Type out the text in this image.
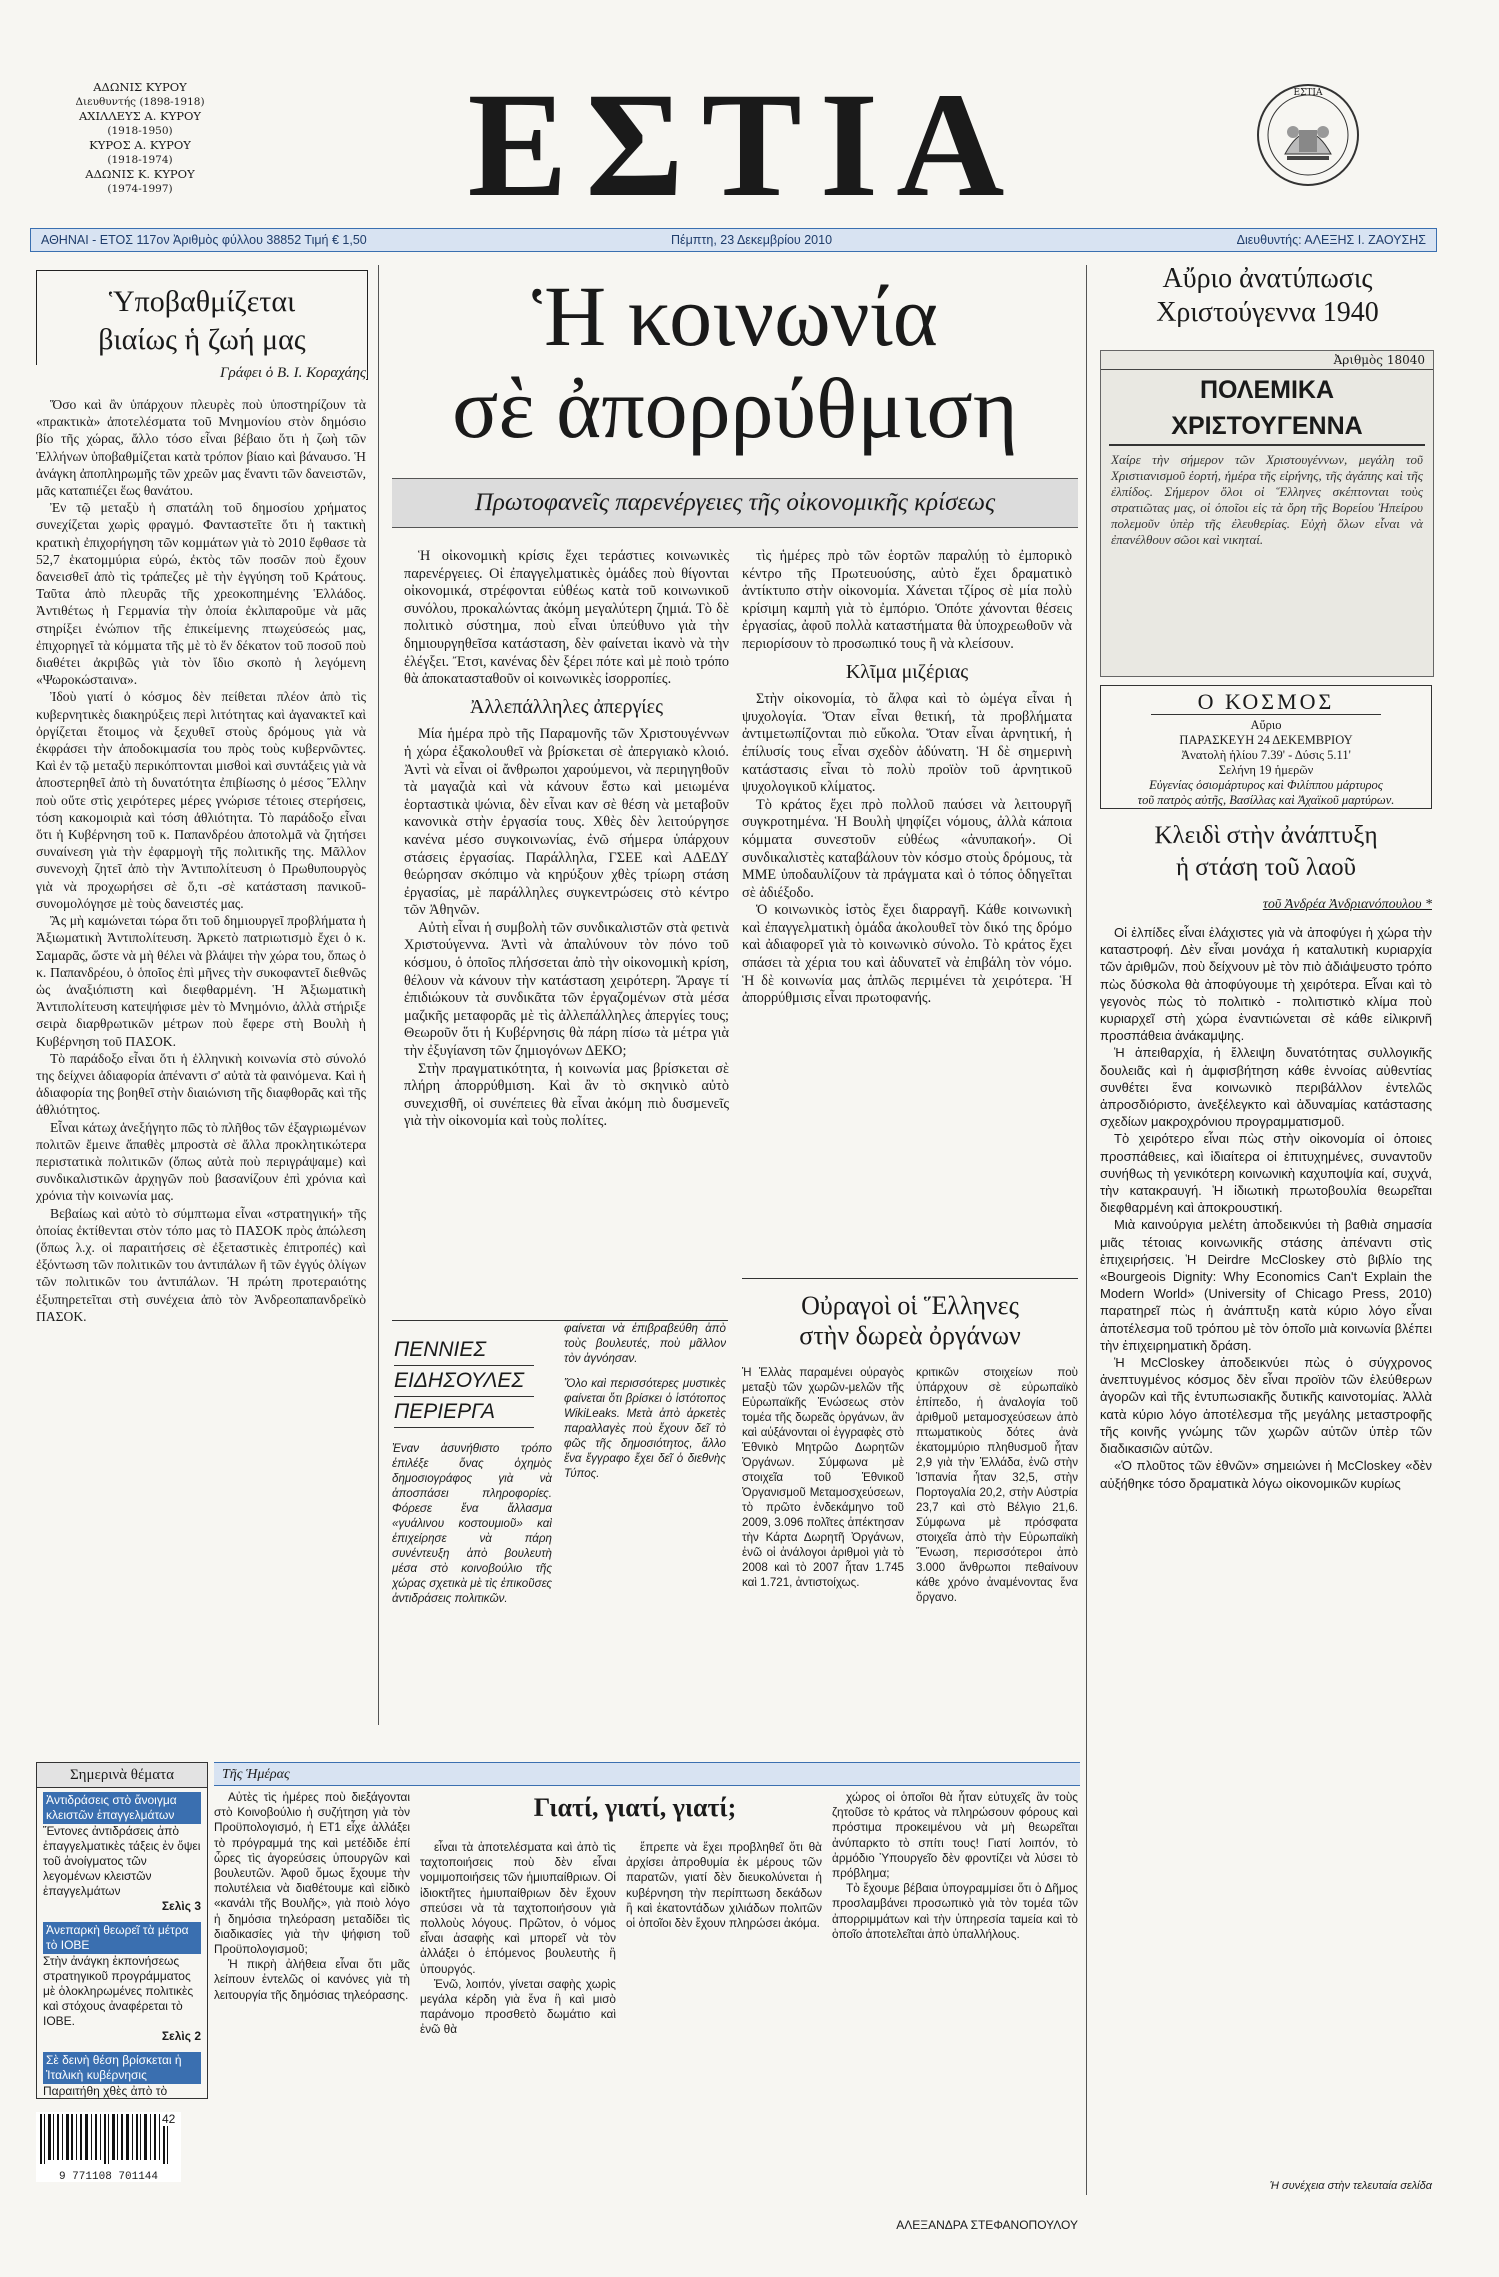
ΑΔΩΝΙΣ ΚΥΡΟΥ
Διευθυντής (1898-1918)
ΑΧΙΛΛΕΥΣ Α. ΚΥΡΟΥ
(1918-1950)
ΚΥΡΟΣ Α. ΚΥΡΟΥ
(1918-1974)
ΑΔΩΝΙΣ Κ. ΚΥΡΟΥ
(1974-1997)	ΕΣΤΙΑ	ΕΣΤΙΑ
ΑΘΗΝΑΙ - ΕΤΟΣ 117ον Ἀριθμὸς φύλλου 38852 Τιμή € 1,50	Πέμπτη, 23 Δεκεμβρίου 2010	Διευθυντής: ΑΛΕΞΗΣ Ι. ΖΑΟΥΣΗΣ
Ὑποβαθμίζεται
βιαίως ἡ ζωή μας
Γράφει ὁ Β. Ι. Κοραχάης

Ὅσο καὶ ἂν ὑπάρχουν πλευρὲς ποὺ ὑποστηρίζουν τὰ «πρακτικὰ» ἀποτελέσματα τοῦ Μνημονίου στὸν δημόσιο βίο τῆς χώρας, ἄλλο τόσο εἶναι βέβαιο ὅτι ἡ ζωὴ τῶν Ἑλλήνων ὑποβαθμίζεται κατὰ τρόπον βίαιο καὶ βάναυσο. Ἡ ἀνάγκη ἀποπληρωμῆς τῶν χρεῶν μας ἔναντι τῶν δανειστῶν, μᾶς καταπιέζει ἕως θανάτου.

Ἐν τῷ μεταξὺ ἡ σπατάλη τοῦ δημοσίου χρήματος συνεχίζεται χωρὶς φραγμό. Φανταστεῖτε ὅτι ἡ τακτικὴ κρατικὴ ἐπιχορήγηση τῶν κομμάτων γιὰ τὸ 2010 ἔφθασε τὰ 52,7 ἑκατομμύρια εὐρώ, ἐκτὸς τῶν ποσῶν ποὺ ἔχουν δανεισθεῖ ἀπὸ τὶς τράπεζες μὲ τὴν ἐγγύηση τοῦ Κράτους. Ταῦτα ἀπὸ πλευρᾶς τῆς χρεοκοπημένης Ἑλλάδος. Ἀντιθέτως ἡ Γερμανία τὴν ὁποία ἐκλιπαροῦμε νὰ μᾶς στηρίξει ἐνώπιον τῆς ἐπικείμενης πτωχεύσεώς μας, ἐπιχορηγεῖ τὰ κόμματα τῆς μὲ τὸ ἕν δέκατον τοῦ ποσοῦ ποὺ διαθέτει ἀκριβῶς γιὰ τὸν ἴδιο σκοπὸ ἡ λεγόμενη «Ψωροκώσταινα».

Ἰδοὺ γιατί ὁ κόσμος δὲν πείθεται πλέον ἀπὸ τὶς κυβερνητικὲς διακηρύξεις περὶ λιτότητας καὶ ἀγανακτεῖ καὶ ὀργίζεται ἕτοιμος νὰ ξεχυθεῖ στοὺς δρόμους γιὰ νὰ ἐκφράσει τὴν ἀποδοκιμασία του πρὸς τοὺς κυβερνῶντες. Καὶ ἐν τῷ μεταξὺ περικόπτονται μισθοὶ καὶ συντάξεις γιὰ νὰ ἀποστερηθεῖ ἀπὸ τὴ δυνατότητα ἐπιβίωσης ὁ μέσος Ἕλλην ποὺ οὔτε στὶς χειρότερες μέρες γνώρισε τέτοιες στερήσεις, τόση κακομοιριὰ καὶ τόση ἀθλιότητα. Τὸ παράδοξο εἶναι ὅτι ἡ Κυβέρνηση τοῦ κ. Παπανδρέου ἀποτολμᾶ νὰ ζητήσει συναίνεση γιὰ τὴν ἐφαρμογὴ τῆς πολιτικῆς της. Μᾶλλον συνενοχὴ ζητεῖ ἀπὸ τὴν Ἀντιπολίτευση ὁ Πρωθυπουργὸς γιὰ νὰ προχωρήσει σὲ ὅ,τι -σὲ κατάσταση πανικοῦ- συνομολόγησε μὲ τοὺς δανειστές μας.

Ἂς μὴ καμώνεται τώρα ὅτι τοῦ δημιουργεῖ προβλήματα ἡ Ἀξιωματικὴ Ἀντιπολίτευση. Ἀρκετὸ πατριωτισμὸ ἔχει ὁ κ. Σαμαρᾶς, ὥστε νὰ μὴ θέλει νὰ βλάψει τὴν χώρα του, ὅπως ὁ κ. Παπανδρέου, ὁ ὁποῖος ἐπὶ μῆνες τὴν συκοφαντεῖ διεθνῶς ὡς ἀναξιόπιστη καὶ διεφθαρμένη. Ἡ Ἀξιωματικὴ Ἀντιπολίτευση κατεψήφισε μὲν τὸ Μνημόνιο, ἀλλὰ στήριξε σειρὰ διαρθρωτικῶν μέτρων ποὺ ἔφερε στὴ Βουλὴ ἡ Κυβέρνηση τοῦ ΠΑΣΟΚ.

Τὸ παράδοξο εἶναι ὅτι ἡ ἑλληνικὴ κοινωνία στὸ σύνολό της δείχνει ἀδιαφορία ἀπέναντι σ' αὐτὰ τὰ φαινόμενα. Καὶ ἡ ἀδιαφορία της βοηθεῖ στὴν διαιώνιση τῆς διαφθορᾶς καὶ τῆς ἀθλιότητος.

Εἶναι κάτωχ ἀνεξήγητο πῶς τὸ πλῆθος τῶν ἐξαγριωμένων πολιτῶν ἔμεινε ἄπαθὲς μπροστὰ σὲ ἄλλα προκλητικώτερα περιστατικὰ πολιτικῶν (ὅπως αὐτὰ ποὺ περιγράψαμε) καὶ συνδικαλιστικῶν ἀρχηγῶν ποὺ βασανίζουν ἐπὶ χρόνια καὶ χρόνια τὴν κοινωνία μας.

Βεβαίως καὶ αὐτὸ τὸ σύμπτωμα εἶναι «στρατηγική» τῆς ὁποίας ἐκτίθενται στὸν τόπο μας τὸ ΠΑΣΟΚ πρὸς ἀπώλεση (ὅπως λ.χ. οἱ παραιτήσεις σὲ ἐξεταστικὲς ἐπιτροπές) καὶ ἐξόντωση τῶν πολιτικῶν του ἀντιπάλων ἢ τῶν ἐγγύς ὀλίγων τῶν πολιτικῶν του ἀντιπάλων. Ἡ πρώτη προτεραιότης ἐξυπηρετεῖται στὴ συνέχεια ἀπὸ τὸν Ἀνδρεοπαπανδρεϊκὸ ΠΑΣΟΚ.

Ἡ κοινωνία
σὲ ἀπορρύθμιση
Πρωτοφανεῖς παρενέργειες τῆς οἰκονομικῆς κρίσεως

Ἡ οἰκονομικὴ κρίσις ἔχει τεράστιες κοινωνικὲς παρενέργειες. Οἱ ἐπαγγελματικὲς ὁμάδες ποὺ θίγονται οἰκονομικά, στρέφονται εὐθέως κατὰ τοῦ κοινωνικοῦ συνόλου, προκαλώντας ἀκόμη μεγαλύτερη ζημιά. Τὸ δὲ πολιτικὸ σύστημα, ποὺ εἶναι ὑπεύθυνο γιὰ τὴν δημιουργηθεῖσα κατάσταση, δὲν φαίνεται ἱκανὸ νὰ τὴν ἐλέγξει. Ἔτσι, κανένας δὲν ξέρει πότε καὶ μὲ ποιὸ τρόπο θὰ ἀποκατασταθοῦν οἱ κοινωνικὲς ἰσορροπίες.

Ἀλλεπάλληλες ἀπεργίες

Μία ἡμέρα πρὸ τῆς Παραμονῆς τῶν Χριστουγέννων ἡ χώρα ἐξακολουθεῖ νὰ βρίσκεται σὲ ἀπεργιακὸ κλοιό. Ἀντὶ νὰ εἶναι οἱ ἄνθρωποι χαρούμενοι, νὰ περιηγηθοῦν τὰ μαγαζιὰ καὶ νὰ κάνουν ἔστω καὶ μειωμένα ἑορταστικὰ ψώνια, δὲν εἶναι καν σὲ θέση νὰ μεταβοῦν κανονικὰ στὴν ἐργασία τους. Χθὲς δὲν λειτούργησε κανένα μέσο συγκοινωνίας, ἐνῶ σήμερα ὑπάρχουν στάσεις ἐργασίας. Παράλληλα, ΓΣΕΕ καὶ ΑΔΕΔΥ θεώρησαν σκόπιμο νὰ κηρύξουν χθὲς τρίωρη στάση ἐργασίας, μὲ παράλληλες συγκεντρώσεις στὸ κέντρο τῶν Ἀθηνῶν.

Αὐτὴ εἶναι ἡ συμβολὴ τῶν συνδικαλιστῶν στὰ φετινὰ Χριστούγεννα. Ἀντὶ νὰ ἀπαλύνουν τὸν πόνο τοῦ κόσμου, ὁ ὁποῖος πλήσσεται ἀπὸ τὴν οἰκονομικὴ κρίση, θέλουν νὰ κάνουν τὴν κατάσταση χειρότερη. Ἄραγε τί ἐπιδιώκουν τὰ συνδικᾶτα τῶν ἐργαζομένων στὰ μέσα μαζικῆς μεταφορᾶς μὲ τὶς ἀλλεπάλληλες ἀπεργίες τους; Θεωροῦν ὅτι ἡ Κυβέρνησις θὰ πάρη πίσω τὰ μέτρα γιὰ τὴν ἐξυγίανση τῶν ζημιογόνων ΔΕΚΟ;

Στὴν πραγματικότητα, ἡ κοινωνία μας βρίσκεται σὲ πλήρη ἀπορρύθμιση. Καὶ ἂν τὸ σκηνικὸ αὐτὸ συνεχισθῆ, οἱ συνέπειες θὰ εἶναι ἀκόμη πιὸ δυσμενεῖς γιὰ τὴν οἰκονομία καὶ τοὺς πολίτες.

τὶς ἡμέρες πρὸ τῶν ἑορτῶν παραλύῃ τὸ ἐμπορικὸ κέντρο τῆς Πρωτευούσης, αὐτὸ ἔχει δραματικὸ ἀντίκτυπο στὴν οἰκονομία. Χάνεται τζίρος σὲ μία πολὺ κρίσιμη καμπὴ γιὰ τὸ ἐμπόριο. Ὁπότε χάνονται θέσεις ἐργασίας, ἀφοῦ πολλὰ καταστήματα θὰ ὑποχρεωθοῦν νὰ περιορίσουν τὸ προσωπικό τους ἢ νὰ κλείσουν.

Κλῖμα μιζέριας

Στὴν οἰκονομία, τὸ ἄλφα καὶ τὸ ὠμέγα εἶναι ἡ ψυχολογία. Ὅταν εἶναι θετική, τὰ προβλήματα ἀντιμετωπίζονται πιὸ εὔκολα. Ὅταν εἶναι ἀρνητική, ἡ ἐπίλυσίς τους εἶναι σχεδὸν ἀδύνατη. Ἡ δὲ σημερινὴ κατάστασις εἶναι τὸ πολὺ προϊὸν τοῦ ἀρνητικοῦ ψυχολογικοῦ κλίματος.

Τὸ κράτος ἔχει πρὸ πολλοῦ παύσει νὰ λειτουργῆ συγκροτημένα. Ἡ Βουλὴ ψηφίζει νόμους, ἀλλὰ κάποια κόμματα συνεστοῦν εὐθέως «ἀνυπακοή». Οἱ συνδικαλιστὲς καταβάλουν τὸν κόσμο στοὺς δρόμους, τὰ ΜΜΕ ὑποδαυλίζουν τὰ πράγματα καὶ ὁ τόπος ὁδηγεῖται σὲ ἀδιέξοδο.

Ὁ κοινωνικὸς ἱστὸς ἔχει διαρραγῆ. Κάθε κοινωνικὴ καὶ ἐπαγγελματικὴ ὁμάδα ἀκολουθεῖ τὸν δικό της δρόμο καὶ ἀδιαφορεῖ γιὰ τὸ κοινωνικὸ σύνολο. Τὸ κράτος ἔχει σπάσει τὰ χέρια του καὶ ἀδυνατεῖ νὰ ἐπιβάλη τὸν νόμο. Ἡ δὲ κοινωνία μας ἁπλῶς περιμένει τὰ χειρότερα. Ἡ ἀπορρύθμισις εἶναι πρωτοφανής.

ΠΕΝΝΙΕΣ
ΕΙΔΗΣΟΥΛΕΣ
ΠΕΡΙΕΡΓΑ
Ἐναν ἀσυνήθιστο τρόπο ἐπιλέξε ὅνας ὁχημὸς δημοσιογράφος γιὰ νὰ ἀποσπάσει πληροφορίες. Φόρεσε ἕνα ἄλλασμα «γυάλινου κοστουμιοῦ» καὶ ἐπιχείρησε νὰ πάρη συνέντευξη ἀπὸ βουλευτὴ μέσα στὸ κοινοβούλιο τῆς χώρας σχετικὰ μὲ τὶς ἐπικοῦσες ἀντιδράσεις πολιτικῶν.
φαίνεται νὰ ἐπιβραβεύθη ἀπὸ τοὺς βουλευτές, ποὺ μᾶλλον τὸν ἀγνόησαν.
Ὅλο καὶ περισσότερες μυστικὲς φαίνεται ὅτι βρίσκει ὁ ἱστότοπος WikiLeaks. Μετὰ ἀπὸ ἀρκετὲς παραλλαγὲς ποὺ ἔχουν δεῖ τὸ φῶς τῆς δημοσιότητος, ἄλλο ἔνα ἔγγραφο ἔχει δεῖ ὁ διεθνὴς Τύπος.
Οὐραγοὶ οἱ Ἕλληνες
στὴν δωρεὰ ὀργάνων
Ἡ Ἑλλὰς παραμένει οὐραγὸς μεταξὺ τῶν χωρῶν-μελῶν τῆς Εὐρωπαϊκῆς Ἑνώσεως στὸν τομέα τῆς δωρεᾶς ὀργάνων, ἂν καὶ αὐξάνονται οἱ ἐγγραφὲς στὸ Ἐθνικὸ Μητρῶο Δωρητῶν Ὀργάνων. Σύμφωνα μὲ στοιχεῖα τοῦ Ἐθνικοῦ Ὀργανισμοῦ Μεταμοσχεύσεων, τὸ πρῶτο ἑνδεκάμηνο τοῦ 2009, 3.096 πολῖτες ἀπέκτησαν τὴν Κάρτα Δωρητῆ Ὀργάνων, ἐνῶ οἱ ἀνάλογοι ἀριθμοὶ γιὰ τὸ 2008 καὶ τὸ 2007 ἦταν 1.745 καὶ 1.721, ἀντιστοίχως.
κριτικῶν στοιχείων ποὺ ὑπάρχουν σὲ εὐρωπαϊκὸ ἐπίπεδο, ἡ ἀναλογία τοῦ ἀριθμοῦ μεταμοσχεύσεων ἀπὸ πτωματικοὺς δότες ἀνὰ ἑκατομμύριο πληθυσμοῦ ἦταν 2,9 γιὰ τὴν Ἑλλάδα, ἐνῶ στὴν Ἱσπανία ἦταν 32,5, στὴν Πορτογαλία 20,2, στὴν Αὐστρία 23,7 καὶ στὸ Βέλγιο 21,6. Σύμφωνα μὲ πρόσφατα στοιχεῖα ἀπὸ τὴν Εὐρωπαϊκὴ Ἕνωση, περισσότεροι ἀπὸ 3.000 ἄνθρωποι πεθαίνουν κάθε χρόνο ἀναμένοντας ἕνα ὄργανο.
Αὔριο ἀνατύπωσις
Χριστούγεννα 1940
Ἀριθμὸς 18040
ΠΟΛΕΜΙΚΑ ΧΡΙΣΤΟΥΓΕΝΝΑ
Χαίρε τὴν σήμερον τῶν Χριστουγέννων, μεγάλη τοῦ Χριστιανισμοῦ ἑορτή, ἡμέρα τῆς εἰρήνης, τῆς ἀγάπης καὶ τῆς ἐλπίδος. Σήμερον ὅλοι οἱ Ἕλληνες σκέπτονται τοὺς στρατιῶτας μας, οἱ ὁποῖοι εἰς τὰ ὄρη τῆς Βορείου Ἠπείρου πολεμοῦν ὑπὲρ τῆς ἐλευθερίας. Εὐχὴ ὅλων εἶναι νὰ ἐπανέλθουν σῶοι καὶ νικηταί.
Ο ΚΟΣΜΟΣ
Αὔριο
ΠΑΡΑΣΚΕΥΗ 24 ΔΕΚΕΜΒΡΙΟΥ
Ἀνατολὴ ἡλίου 7.39' - Δύσις 5.11'
Σελήνη 19 ἡμερῶν
Εὐγενίας ὁσιομάρτυρος καὶ Φιλίππου μάρτυρος
τοῦ πατρὸς αὐτῆς, Βασίλλας καὶ Ἀχαϊκοῦ μαρτύρων.
Κλειδὶ στὴν ἀνάπτυξη
ἡ στάση τοῦ λαοῦ
τοῦ Ἀνδρέα Ἀνδριανόπουλου *

Οἱ ἐλπίδες εἶναι ἐλάχιστες γιὰ νὰ ἀποφύγει ἡ χώρα τὴν καταστροφή. Δὲν εἶναι μονάχα ἡ καταλυτικὴ κυριαρχία τῶν ἀριθμῶν, ποὺ δείχνουν μὲ τὸν πιὸ ἀδιάψευστο τρόπο πὼς δύσκολα θὰ ἀποφύγουμε τὴ χειρότερα. Εἶναι καὶ τὸ γεγονὸς πὼς τὸ πολιτικὸ - πολιτιστικὸ κλίμα ποὺ κυριαρχεῖ στὴ χώρα ἐναντιώνεται σὲ κάθε εἰλικρινῆ προσπάθεια ἀνάκαμψης.

Ἡ ἀπειθαρχία, ἡ ἔλλειψη δυνατότητας συλλογικῆς δουλειᾶς καὶ ἡ ἀμφισβήτηση κάθε ἐννοίας αὐθεντίας συνθέτει ἕνα κοινωνικὸ περιβάλλον ἐντελῶς ἀπροσδιόριστο, ἀνεξέλεγκτο καὶ ἀδυναμίας κατάστασης σχεδίων μακροχρόνιου προγραμματισμοῦ.

Τὸ χειρότερο εἶναι πὼς στὴν οἰκονομία οἱ ὁποιες προσπάθειες, καὶ ἰδιαίτερα οἱ ἐπιτυχημένες, συναντοῦν συνήθως τὴ γενικότερη κοινωνικὴ καχυποψία καί, συχνά, τὴν κατακραυγή. Ἡ ἰδιωτικὴ πρωτοβουλία θεωρεῖται διεφθαρμένη καὶ ἀποκρουστική.

Μιὰ καινούργια μελέτη ἀποδεικνύει τὴ βαθιὰ σημασία μιᾶς τέτοιας κοινωνικῆς στάσης ἀπέναντι στὶς ἐπιχειρήσεις. Ἡ Deirdre McCloskey στὸ βιβλίο της «Bourgeois Dignity: Why Economics Can't Explain the Modern World» (University of Chicago Press, 2010) παρατηρεῖ πὼς ἡ ἀνάπτυξη κατὰ κύριο λόγο εἶναι ἀποτέλεσμα τοῦ τρόπου μὲ τὸν ὁποῖο μιὰ κοινωνία βλέπει τὴν ἐπιχειρηματικὴ δράση.

Ἡ McCloskey ἀποδεικνύει πὼς ὁ σύγχρονος ἀνεπτυγμένος κόσμος δὲν εἶναι προϊὸν τῶν ἐλεύθερων ἀγορῶν καὶ τῆς ἐντυπωσιακῆς δυτικῆς καινοτομίας. Ἀλλὰ κατὰ κύριο λόγο ἀποτέλεσμα τῆς μεγάλης μεταστροφῆς τῆς κοινῆς γνώμης τῶν χωρῶν αὐτῶν ὑπὲρ τῶν διαδικασιῶν αὐτῶν.

«Ὁ πλοῦτος τῶν ἐθνῶν» σημειώνει ἡ McCloskey «δὲν αὐξήθηκε τόσο δραματικὰ λόγω οἰκονομικῶν κυρίως

Ἡ συνέχεια στὴν τελευταία σελίδα
Σημερινὰ θέματα
Ἀντιδράσεις στὸ ἄνοιγμα κλειστῶν ἐπαγγελμάτων
Ἔντονες ἀντιδράσεις ἀπὸ ἐπαγγελματικὲς τάξεις ἐν ὄψει τοῦ ἀνοίγματος τῶν λεγομένων κλειστῶν ἐπαγγελμάτων
Σελὶς 3
Ἀνεπαρκὴ θεωρεῖ τὰ μέτρα τὸ ΙΟΒΕ
Στὴν ἀνάγκη ἐκπονήσεως στρατηγικοῦ προγράμματος μὲ ὁλοκληρωμένες πολιτικὲς καὶ στόχους ἀναφέρεται τὸ ΙΟΒΕ.
Σελὶς 2
Σὲ δεινὴ θέση βρίσκεται ἡ Ἰταλικὴ κυβέρνησις
Παραιτήθη χθὲς ἀπὸ τὸ
9 771108 701144
42
Τῆς Ἡμέρας
Γιατί, γιατί, γιατί;

Αὐτὲς τὶς ἡμέρες ποὺ διεξάγονται στὸ Κοινοβούλιο ἡ συζήτηση γιὰ τὸν Προϋπολογισμό, ἡ ΕΤ1 εἶχε ἀλλάξει τὸ πρόγραμμά της καὶ μετέδιδε ἐπί ὧρες τὶς ἀγορεύσεις ὑπουργῶν καὶ βουλευτῶν. Ἀφοῦ ὅμως ἔχουμε τὴν πολυτέλεια νὰ διαθέτουμε καὶ εἰδικὸ «κανάλι τῆς Βουλῆς», γιὰ ποιὸ λόγο ἡ δημόσια τηλεόραση μεταδίδει τὶς διαδικασίες γιὰ τὴν ψήφιση τοῦ Προϋπολογισμοῦ;

Ἡ πικρὴ ἀλήθεια εἶναι ὅτι μᾶς λείπουν ἐντελῶς οἱ κανόνες γιὰ τὴ λειτουργία τῆς δημόσιας τηλεόρασης.

εἶναι τὰ ἀποτελέσματα καὶ ἀπὸ τὶς ταχτοποιήσεις ποὺ δὲν εἶναι νομιμοποιήσεις τῶν ἡμιυπαίθριων. Οἱ ἰδιοκτῆτες ἡμιυπαίθριων δὲν ἔχουν σπεύσει νὰ τὰ ταχτοποιήσουν γιὰ πολλοὺς λόγους. Πρῶτον, ὁ νόμος εἶναι ἀσαφὴς καὶ μπορεῖ νὰ τὸν ἀλλάξει ὁ ἑπόμενος βουλευτὴς ἢ ὑπουργός.

Ἐνῶ, λοιπόν, γίνεται σαφὴς χωρὶς μεγάλα κέρδη γιὰ ἕνα ἢ καὶ μισὸ παράνομο προσθετὸ δωμάτιο καὶ ἐνῶ θὰ

ἔπρεπε νὰ ἔχει προβληθεῖ ὅτι θὰ ἀρχίσει ἀπροθυμία ἐκ μέρους τῶν παρατῶν, γιατί δὲν διευκολύνεται ἡ κυβέρνηση τὴν περίπτωση δεκάδων ἢ καὶ ἑκατοντάδων χιλιάδων πολιτῶν οἱ ὁποῖοι δὲν ἔχουν πληρώσει ἀκόμα.

χώρος οἱ ὁποῖοι θὰ ἦταν εὐτυχεῖς ἂν τοὺς ζητοῦσε τὸ κράτος νὰ πληρώσουν φόρους καὶ πρόστιμα προκειμένου νὰ μὴ θεωρεῖται ἀνύπαρκτο τὸ σπίτι τους! Γιατί λοιπόν, τὸ ἀρμόδιο Ὑπουργεῖο δὲν φροντίζει νὰ λύσει τὸ πρόβλημα;

Τὸ ἔχουμε βέβαια ὑπογραμμίσει ὅτι ὁ Δῆμος προσλαμβάνει προσωπικὸ γιὰ τὸν τομέα τῶν ἀπορριμμάτων καὶ τὴν ὑπηρεσία ταμεία καὶ τὸ ὁποῖο ἀποτελεῖται ἀπὸ ὑπαλλήλους.

ΑΛΕΞΑΝΔΡΑ ΣΤΕΦΑΝΟΠΟΥΛΟΥ
